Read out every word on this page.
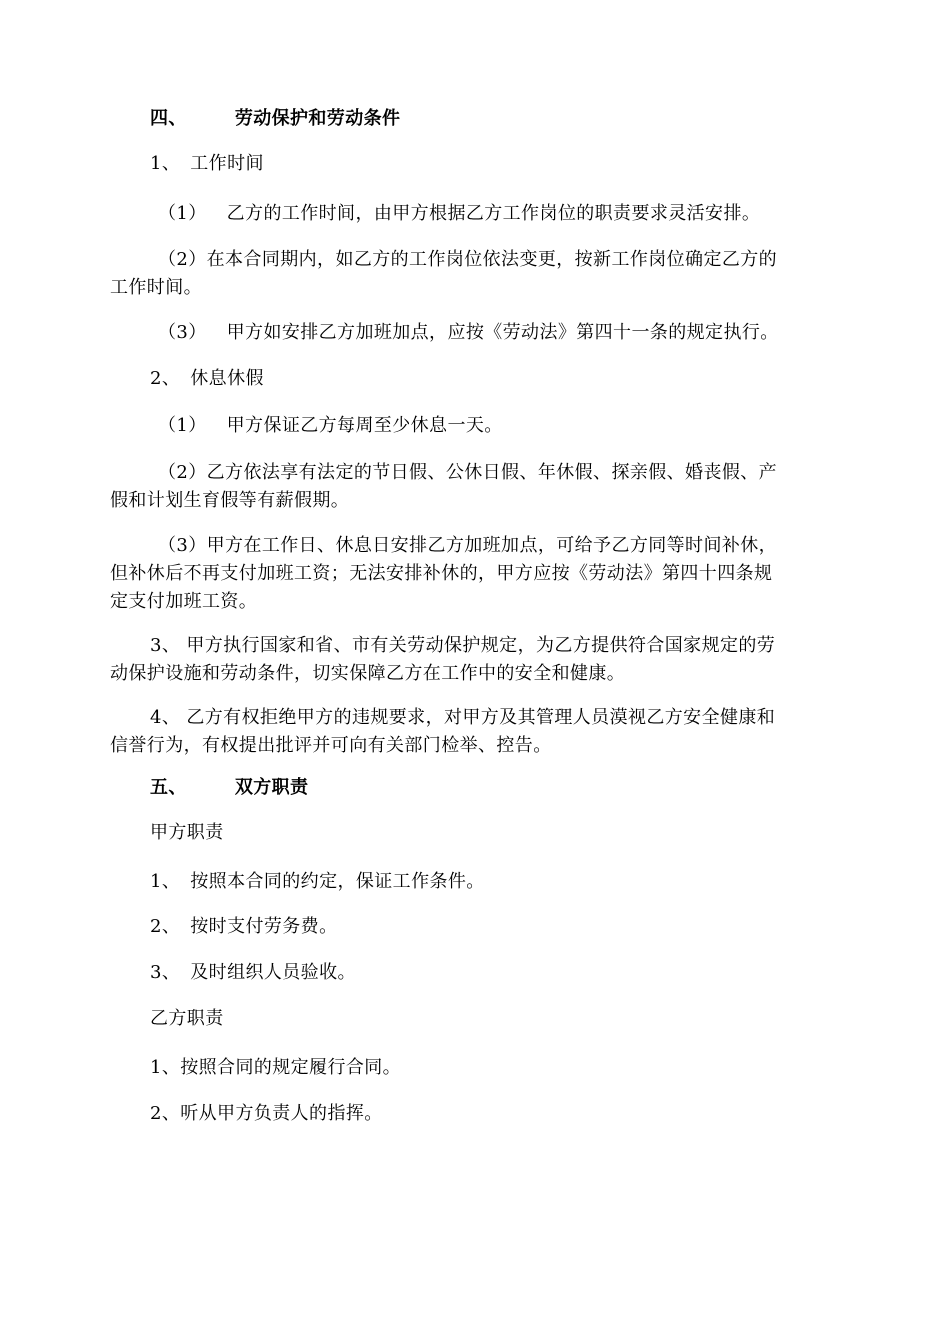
四、	劳动保护和劳动条件
1、 工作时间
（1） 乙方的工作时间，由甲方根据乙方工作岗位的职责要求灵活安排。
（2）在本合同期内，如乙方的工作岗位依法变更，按新工作岗位确定乙方的
工作时间。
（3） 甲方如安排乙方加班加点，应按《劳动法》第四十一条的规定执行。
2、 休息休假
（1） 甲方保证乙方每周至少休息一天。
（2）乙方依法享有法定的节日假、公休日假、年休假、探亲假、婚丧假、产
假和计划生育假等有薪假期。
（3）甲方在工作日、休息日安排乙方加班加点，可给予乙方同等时间补休，
但补休后不再支付加班工资；无法安排补休的，甲方应按《劳动法》第四十四条规
定支付加班工资。
3、 甲方执行国家和省、市有关劳动保护规定，为乙方提供符合国家规定的劳
动保护设施和劳动条件，切实保障乙方在工作中的安全和健康。
4、 乙方有权拒绝甲方的违规要求，对甲方及其管理人员漠视乙方安全健康和
信誉行为，有权提出批评并可向有关部门检举、控告。
五、	双方职责
甲方职责
1、 按照本合同的约定，保证工作条件。
2、 按时支付劳务费。
3、 及时组织人员验收。
乙方职责
1、按照合同的规定履行合同。
2、听从甲方负责人的指挥。
